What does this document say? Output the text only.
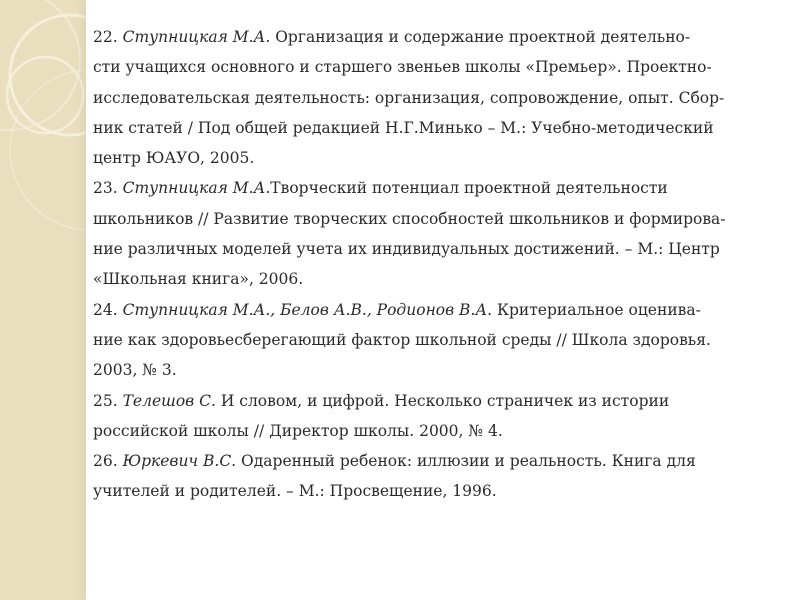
22. Ступницкая М.А. Организация и содержание проектной деятельно-
сти учащихся основного и старшего звеньев школы «Премьер». Проектно-
исследовательская деятельность: организация, сопровождение, опыт. Сбор-
ник статей / Под общей редакцией Н.Г.Минько – М.: Учебно-методический
центр ЮАУО, 2005.
23. Ступницкая М.А.Творческий потенциал проектной деятельности
школьников // Развитие творческих способностей школьников и формирова-
ние различных моделей учета их индивидуальных достижений. – М.: Центр
«Школьная книга», 2006.
24. Ступницкая М.А., Белов А.В., Родионов В.А. Критериальное оценива-
ние как здоровьесберегающий фактор школьной среды // Школа здоровья.
2003, № 3.
25. Телешов С. И словом, и цифрой. Несколько страничек из истории
российской школы // Директор школы. 2000, № 4.
26. Юркевич В.С. Одаренный ребенок: иллюзии и реальность. Книга для
учителей и родителей. – М.: Просвещение, 1996.
